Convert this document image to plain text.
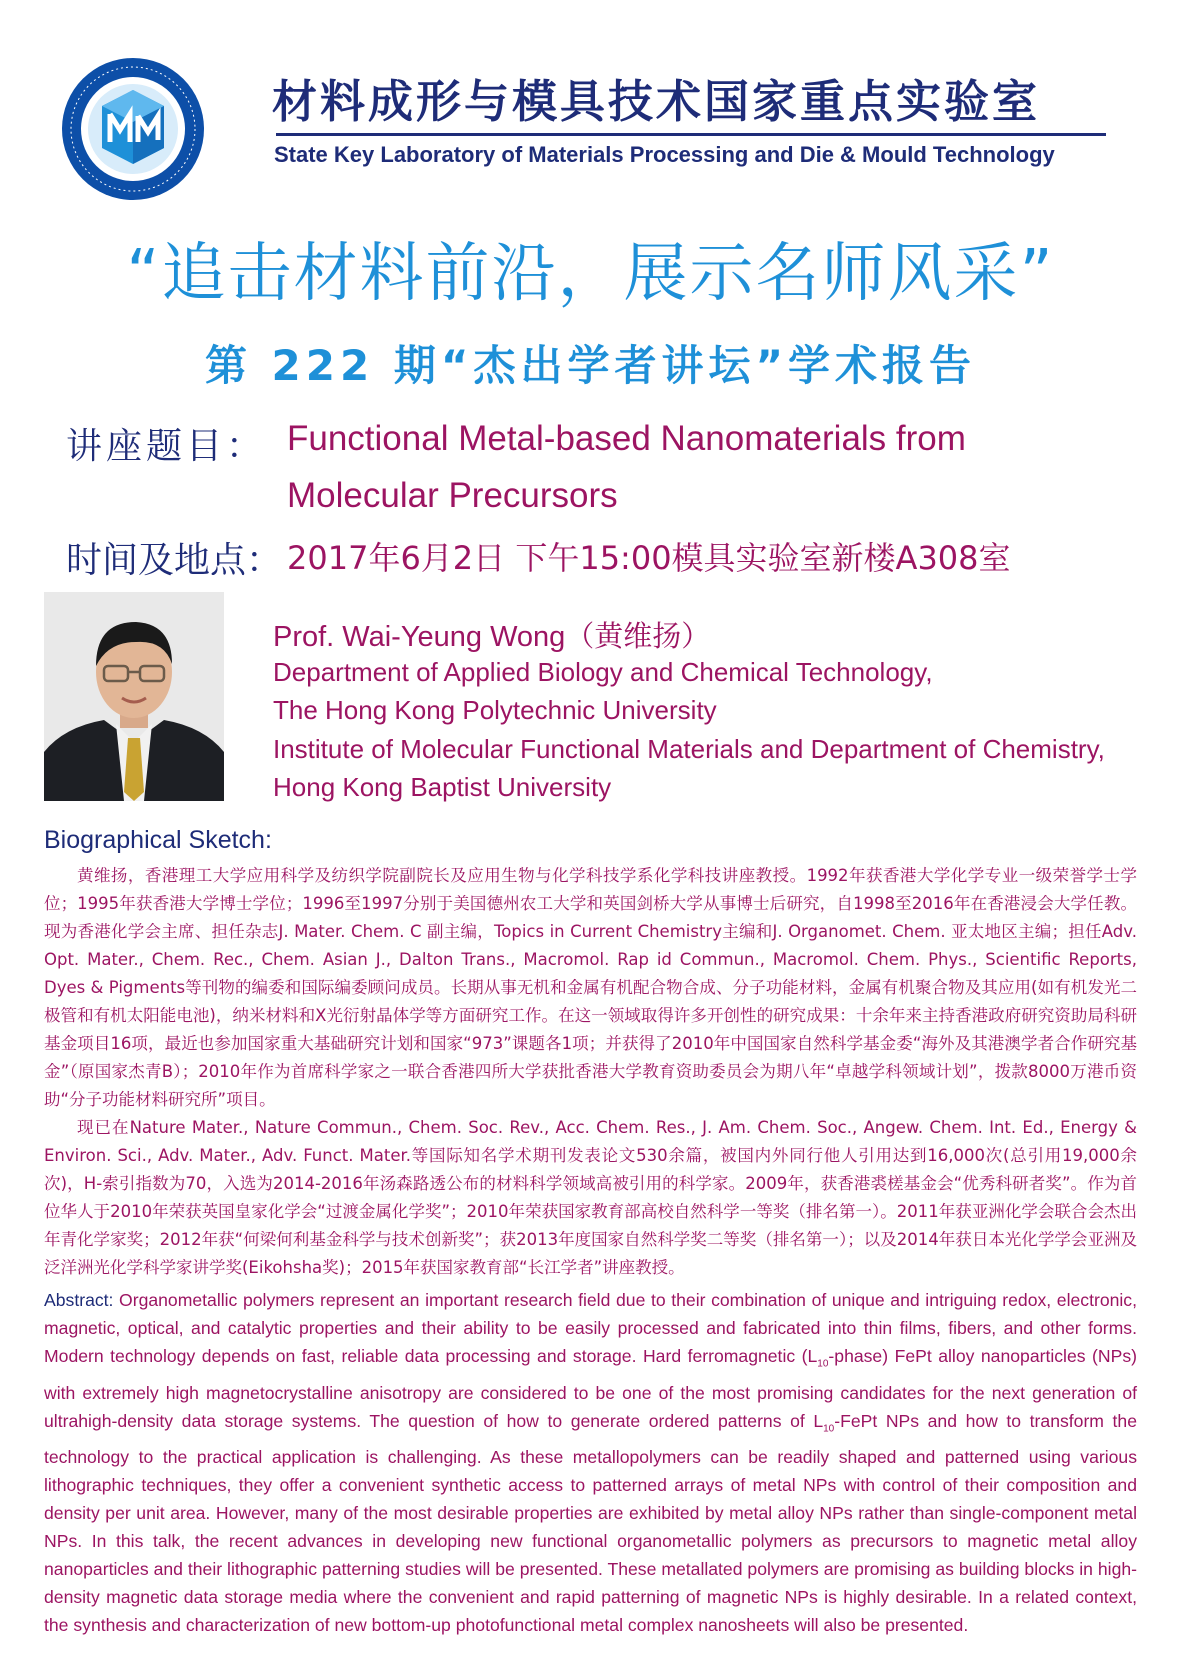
材料成形与模具技术国家重点实验室
State Key Laboratory of Materials Processing and Die & Mould Technology
“追击材料前沿，展示名师风采”
第 222 期“杰出学者讲坛”学术报告
讲座题目： Functional Metal-based Nanomaterials from
Molecular Precursors
时间及地点： 2017年6月2日 下午15:00模具实验室新楼A308室
Prof. Wai-Yeung Wong（黄维扬）
Department of Applied Biology and Chemical Technology,
The Hong Kong Polytechnic University
Institute of Molecular Functional Materials and Department of Chemistry,
Hong Kong Baptist University
Biographical Sketch:

黄维扬，香港理工大学应用科学及纺织学院副院长及应用生物与化学科技学系化学科技讲座教授。1992年获香港大学化学专业一级荣誉学士学位；1995年获香港大学博士学位；1996至1997分别于美国德州农工大学和英国剑桥大学从事博士后研究，自1998至2016年在香港浸会大学任教。现为香港化学会主席、担任杂志J. Mater. Chem. C 副主编，Topics in Current Chemistry主编和J. Organomet. Chem. 亚太地区主编；担任Adv. Opt. Mater., Chem. Rec., Chem. Asian J., Dalton Trans., Macromol. Rap id Commun., Macromol. Chem. Phys., Scientific Reports, Dyes & Pigments等刊物的编委和国际编委顾问成员。长期从事无机和金属有机配合物合成、分子功能材料，金属有机聚合物及其应用(如有机发光二极管和有机太阳能电池)，纳米材料和X光衍射晶体学等方面研究工作。在这一领域取得许多开创性的研究成果：十余年来主持香港政府研究资助局科研基金项目16项，最近也参加国家重大基础研究计划和国家“973”课题各1项；并获得了2010年中国国家自然科学基金委“海外及其港澳学者合作研究基金”（原国家杰青B）；2010年作为首席科学家之一联合香港四所大学获批香港大学教育资助委员会为期八年“卓越学科领域计划”，拨款8000万港币资助“分子功能材料研究所”项目。

现已在Nature Mater., Nature Commun., Chem. Soc. Rev., Acc. Chem. Res., J. Am. Chem. Soc., Angew. Chem. Int. Ed., Energy & Environ. Sci., Adv. Mater., Adv. Funct. Mater.等国际知名学术期刊发表论文530余篇，被国内外同行他人引用达到16,000次(总引用19,000余次)，H-索引指数为70，入选为2014-2016年汤森路透公布的材料科学领域高被引用的科学家。2009年，获香港裘槎基金会“优秀科研者奖”。作为首位华人于2010年荣获英国皇家化学会“过渡金属化学奖”；2010年荣获国家教育部高校自然科学一等奖（排名第一）。2011年获亚洲化学会联合会杰出年青化学家奖；2012年获“何梁何利基金科学与技术创新奖”；获2013年度国家自然科学奖二等奖（排名第一）；以及2014年获日本光化学学会亚洲及泛洋洲光化学科学家讲学奖(Eikohsha奖)；2015年获国家教育部“长江学者”讲座教授。

Abstract: Organometallic polymers represent an important research field due to their combination of unique and intriguing redox, electronic, magnetic, optical, and catalytic properties and their ability to be easily processed and fabricated into thin films, fibers, and other forms. Modern technology depends on fast, reliable data processing and storage. Hard ferromagnetic $(L_{10}-phase)$ FePt alloy nanoparticles (NPs) with extremely high magnetocrystalline anisotropy are considered to be one of the most promising candidates for the next generation of ultrahigh-density data storage systems. The question of how to generate ordered patterns of $L_{10}$-FePt NPs and how to transform the technology to the practical application is challenging. As these metallopolymers can be readily shaped and patterned using various lithographic techniques, they offer a convenient synthetic access to patterned arrays of metal NPs with control of their composition and density per unit area. However, many of the most desirable properties are exhibited by metal alloy NPs rather than single-component metal NPs. In this talk, the recent advances in developing new functional organometallic polymers as precursors to magnetic metal alloy nanoparticles and their lithographic patterning studies will be presented. These metallated polymers are promising as building blocks in high-density magnetic data storage media where the convenient and rapid patterning of magnetic NPs is highly desirable. In a related context, the synthesis and characterization of new bottom-up photofunctional metal complex nanosheets will also be presented.
